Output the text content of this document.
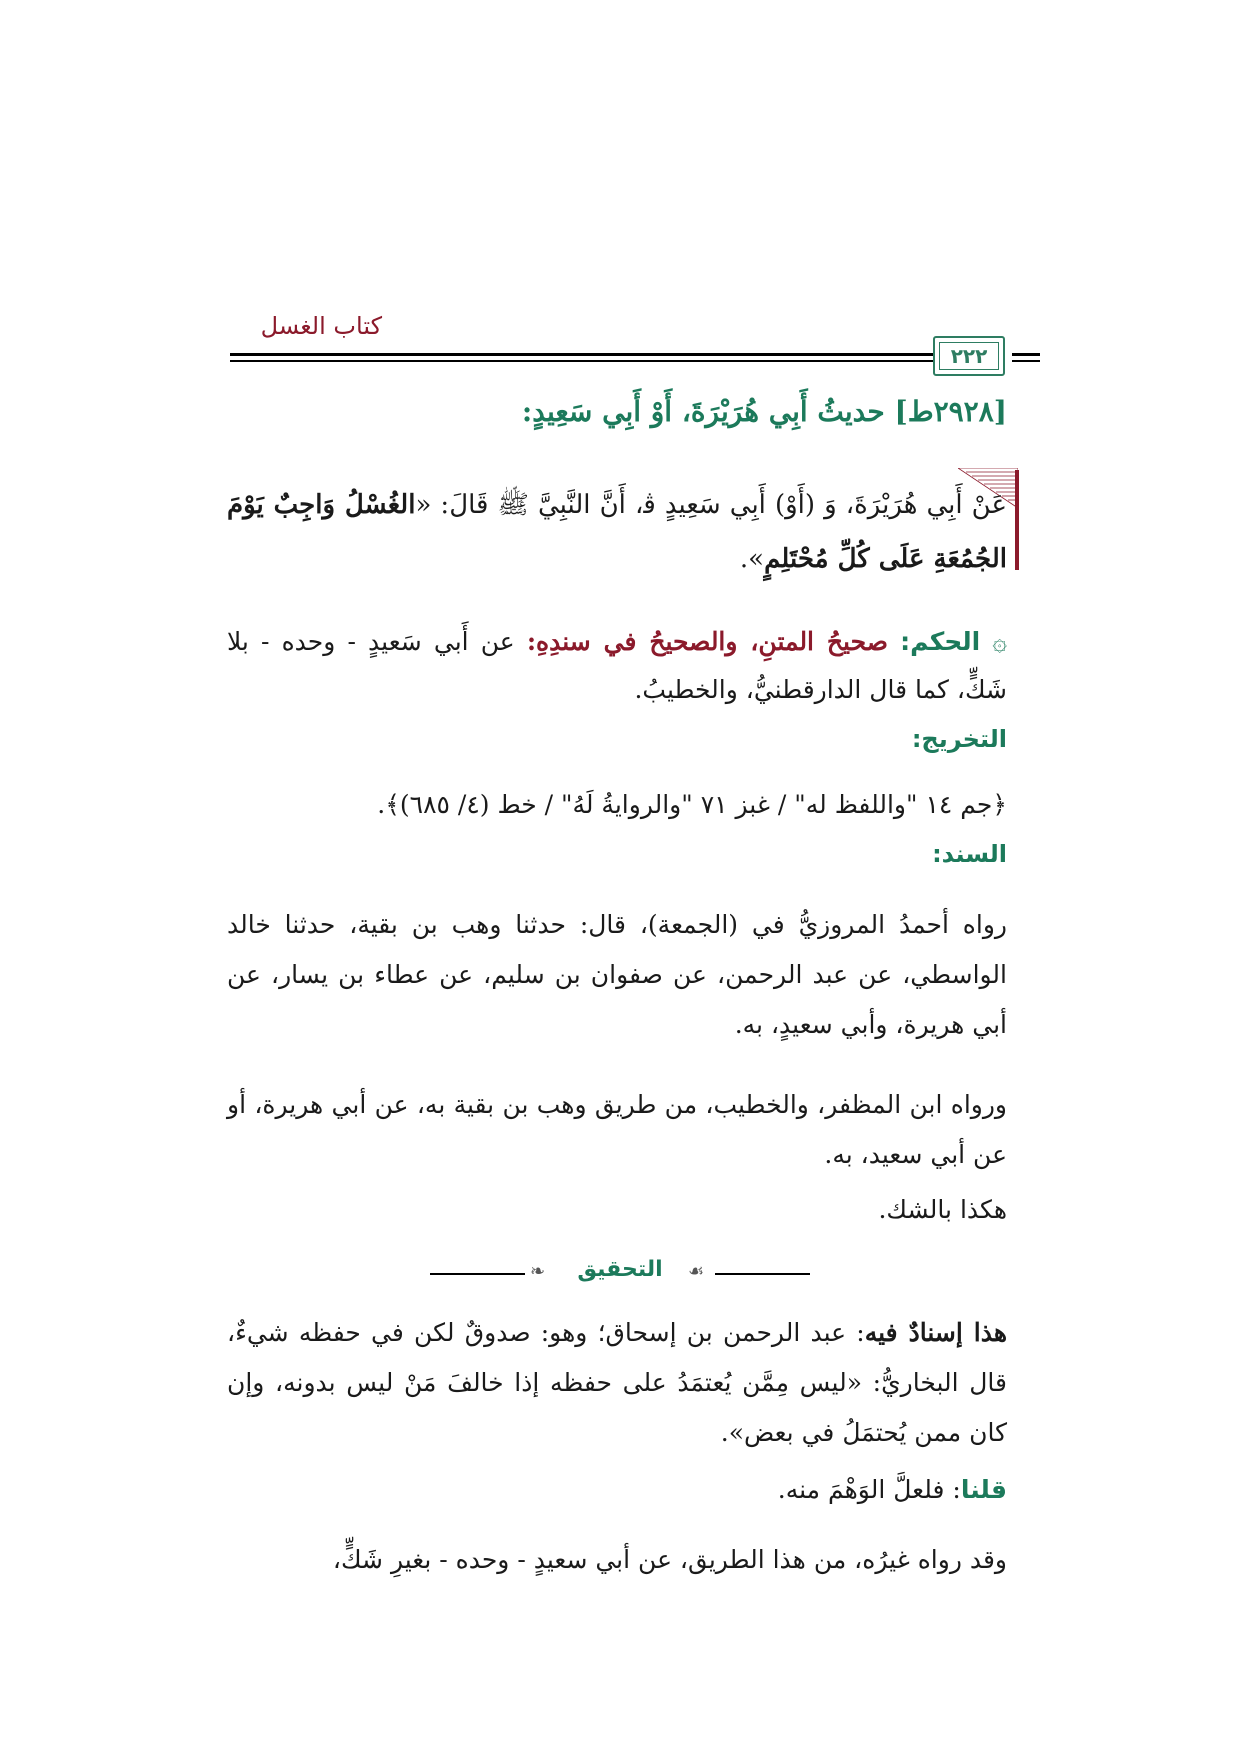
كتاب الغسل
٢٢٢
[٢٩٢٨ط] حديثُ أَبِي هُرَيْرَةَ، أَوْ أَبِي سَعِيدٍ:
عَنْ أَبِي هُرَيْرَةَ، وَ (أَوْ) أَبِي سَعِيدٍ ﭬ، أَنَّ النَّبِيَّ ﷺ قَالَ: «الغُسْلُ وَاجِبٌ يَوْمَ الجُمُعَةِ عَلَى كُلِّ مُحْتَلِمٍ».
۞ الحكم: صحيحُ المتنِ، والصحيحُ في سندِهِ: عن أَبي سَعيدٍ - وحده - بلا شَكٍّ، كما قال الدارقطنيُّ، والخطيبُ.
التخريج:
﴿جم ١٤ "واللفظ له" / غبز ٧١ "والروايةُ لَهُ" / خط (٤/ ٦٨٥)﴾.
السند:
رواه أحمدُ المروزيُّ في (الجمعة)، قال: حدثنا وهب بن بقية، حدثنا خالد الواسطي، عن عبد الرحمن، عن صفوان بن سليم، عن عطاء بن يسار، عن أبي هريرة، وأبي سعيدٍ، به.
ورواه ابن المظفر، والخطيب، من طريق وهب بن بقية به، عن أبي هريرة، أو عن أبي سعيد، به.
هكذا بالشك.
❧	التحقيق	☙
هذا إسنادٌ فيه: عبد الرحمن بن إسحاق؛ وهو: صدوقٌ لكن في حفظه شيءٌ، قال البخاريُّ: «ليس مِمَّن يُعتمَدُ على حفظه إذا خالفَ مَنْ ليس بدونه، وإن كان ممن يُحتمَلُ في بعض».
قلنا: فلعلَّ الوَهْمَ منه.
وقد رواه غيرُه، من هذا الطريق، عن أبي سعيدٍ - وحده - بغيرِ شَكٍّ،
